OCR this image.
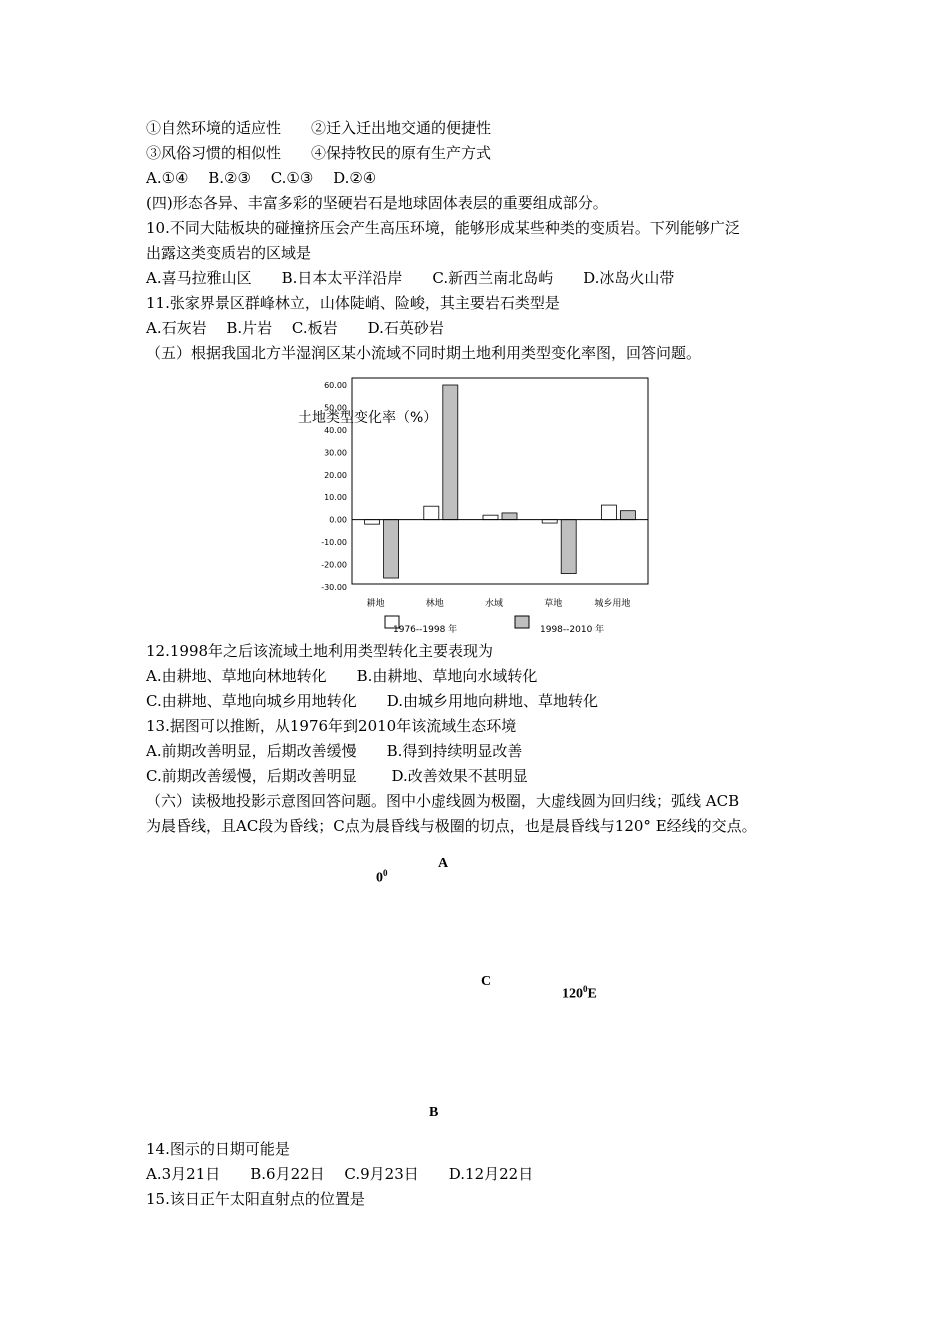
①自然环境的适应性　　②迁入迁出地交通的便捷性

③风俗习惯的相似性　　④保持牧民的原有生产方式

A.①④　 B.②③　 C.①③　 D.②④

(四)形态各异、丰富多彩的坚硬岩石是地球固体表层的重要组成部分。

10.不同大陆板块的碰撞挤压会产生高压环境，能够形成某些种类的变质岩。下列能够广泛

出露这类变质岩的区域是

A.喜马拉雅山区　　B.日本太平洋沿岸　　C.新西兰南北岛屿　　D.冰岛火山带

11.张家界景区群峰林立，山体陡峭、险峻，其主要岩石类型是

A.石灰岩　 B.片岩　 C.板岩　　D.石英砂岩

（五）根据我国北方半湿润区某小流域不同时期土地利用类型变化率图，回答问题。

60.00
50.00
40.00
30.00
20.00
10.00
0.00
-10.00
-20.00
-30.00
耕地	林地	水域	草地	城乡用地
土地类型变化率（%）
1976--1998 年	1998--2010 年

12.1998年之后该流域土地利用类型转化主要表现为

A.由耕地、草地向林地转化　　B.由耕地、草地向水域转化

C.由耕地、草地向城乡用地转化　　D.由城乡用地向耕地、草地转化

13.据图可以推断，从1976年到2010年该流域生态环境

A.前期改善明显，后期改善缓慢　　B.得到持续明显改善

C.前期改善缓慢，后期改善明显　　 D.改善效果不甚明显

（六）读极地投影示意图回答问题。图中小虚线圆为极圈，大虚线圆为回归线；弧线 ACB

为晨昏线，且AC段为昏线；C点为晨昏线与极圈的切点，也是晨昏线与120° E经线的交点。

A
$0^0$
C
$120^0E$
B

14.图示的日期可能是

A.3月21日　　B.6月22日　 C.9月23日　　D.12月22日

15.该日正午太阳直射点的位置是
